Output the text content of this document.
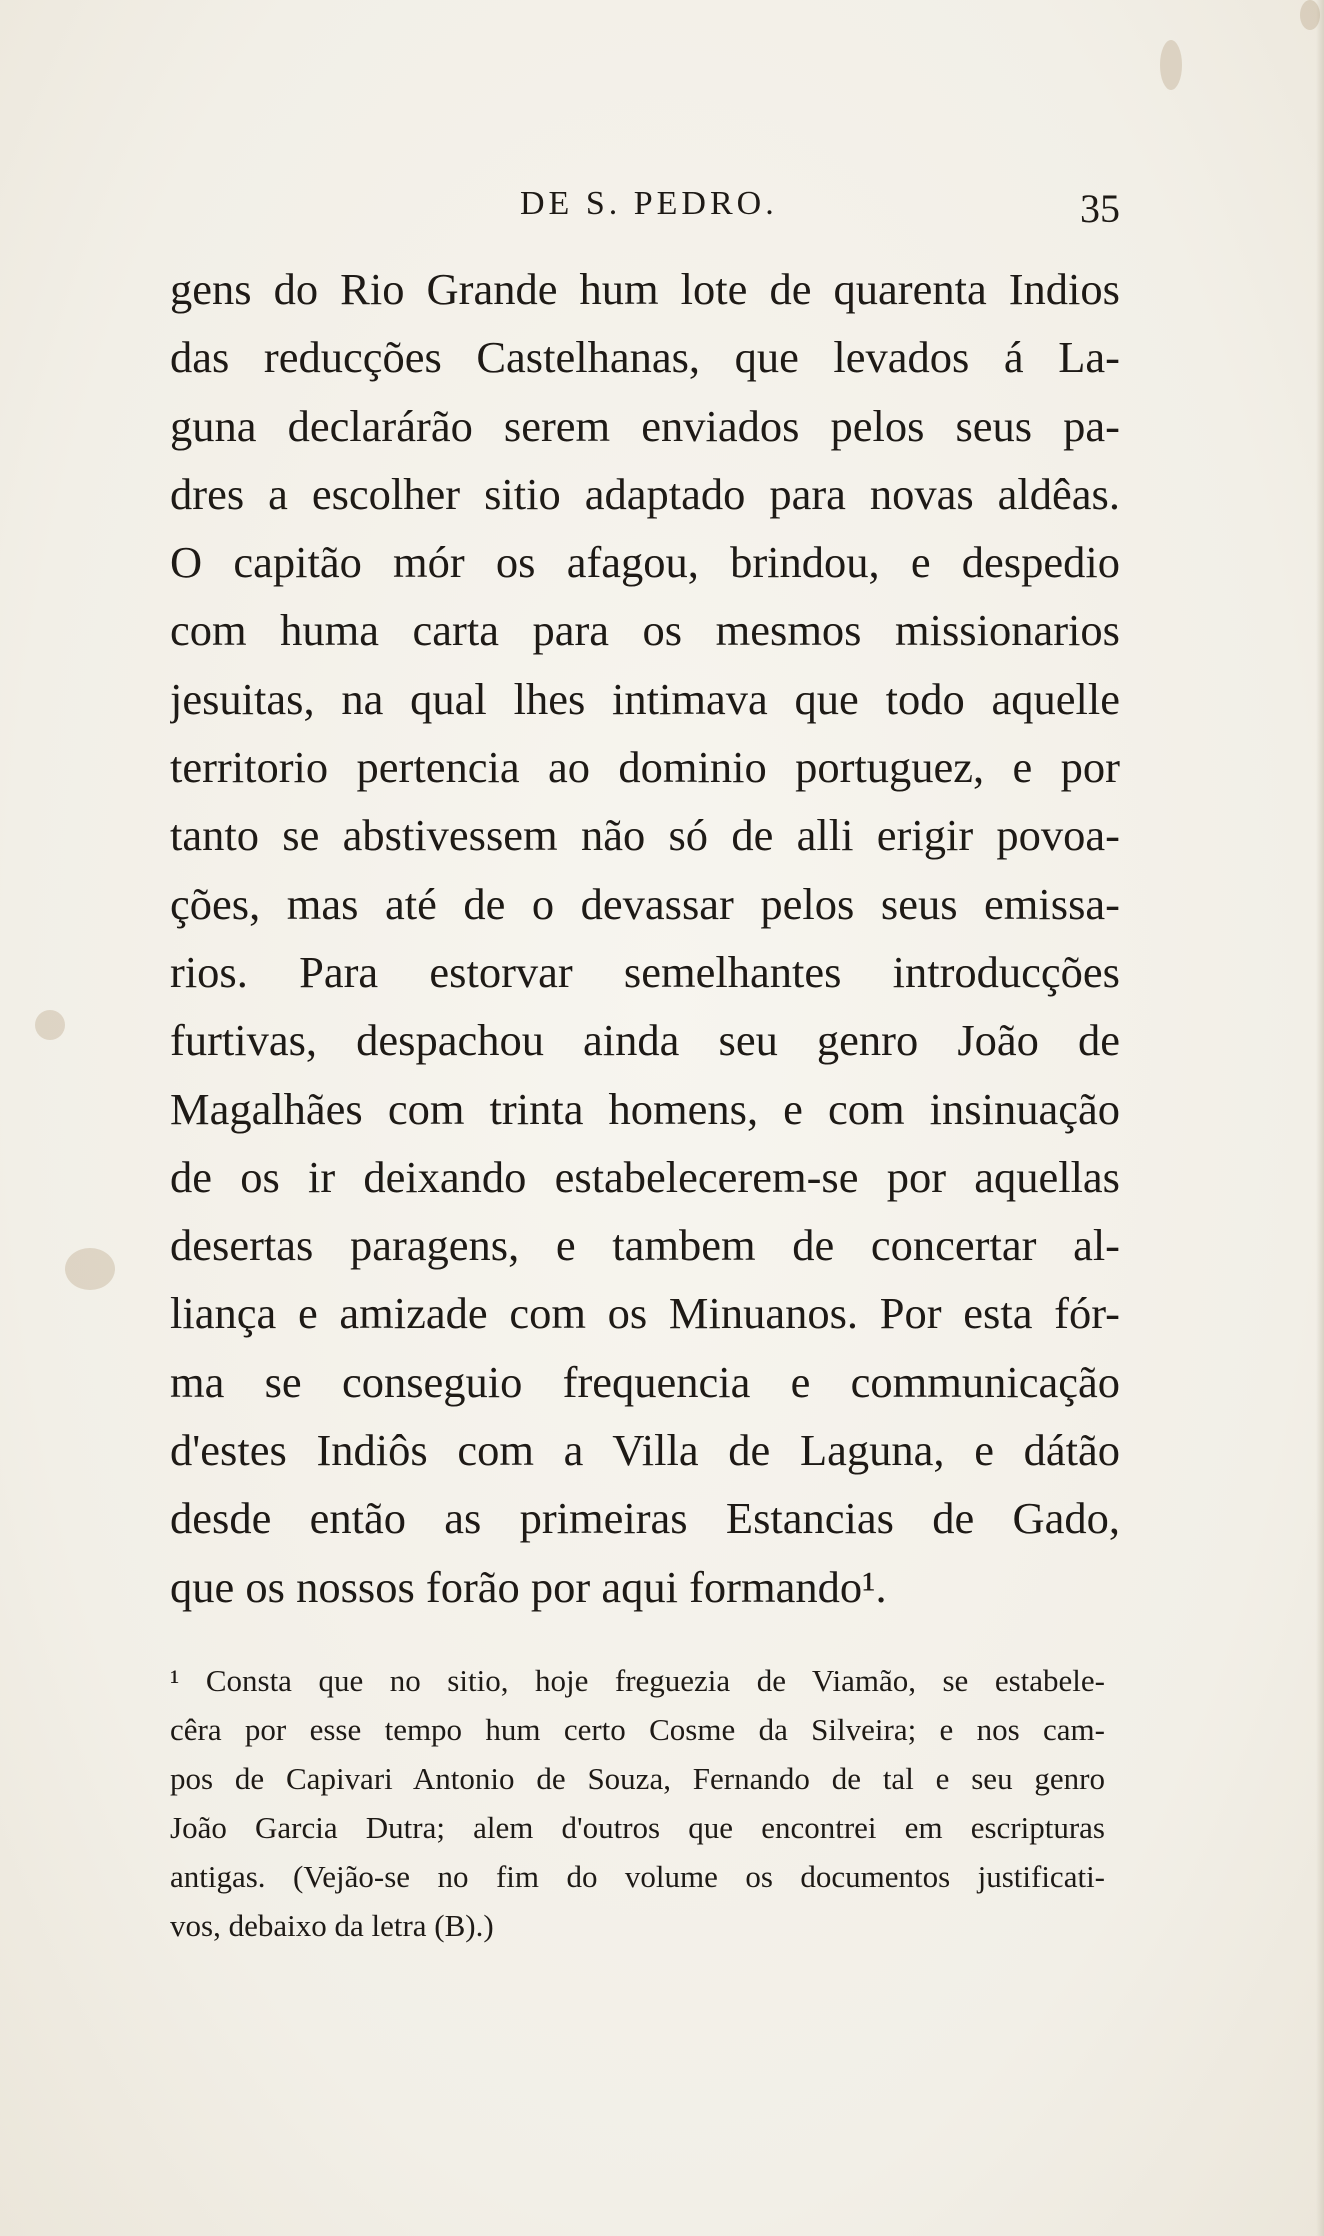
DE S. PEDRO.	35
gens do Rio Grande hum lote de quarenta Indios
das reducções Castelhanas, que levados á La-
guna declarárão serem enviados pelos seus pa-
dres a escolher sitio adaptado para novas aldêas.
O capitão mór os afagou, brindou, e despedio
com huma carta para os mesmos missionarios
jesuitas, na qual lhes intimava que todo aquelle
territorio pertencia ao dominio portuguez, e por
tanto se abstivessem não só de alli erigir povoa-
ções, mas até de o devassar pelos seus emissa-
rios. Para estorvar semelhantes introducções
furtivas, despachou ainda seu genro João de
Magalhães com trinta homens, e com insinuação
de os ir deixando estabelecerem-se por aquellas
desertas paragens, e tambem de concertar al-
liança e amizade com os Minuanos. Por esta fór-
ma se conseguio frequencia e communicação
d'estes Indiôs com a Villa de Laguna, e dátão
desde então as primeiras Estancias de Gado,
que os nossos forão por aqui formando¹.
¹ Consta que no sitio, hoje freguezia de Viamão, se estabele-
cêra por esse tempo hum certo Cosme da Silveira; e nos cam-
pos de Capivari Antonio de Souza, Fernando de tal e seu genro
João Garcia Dutra; alem d'outros que encontrei em escripturas
antigas. (Vejão-se no fim do volume os documentos justificati-
vos, debaixo da letra (B).)
